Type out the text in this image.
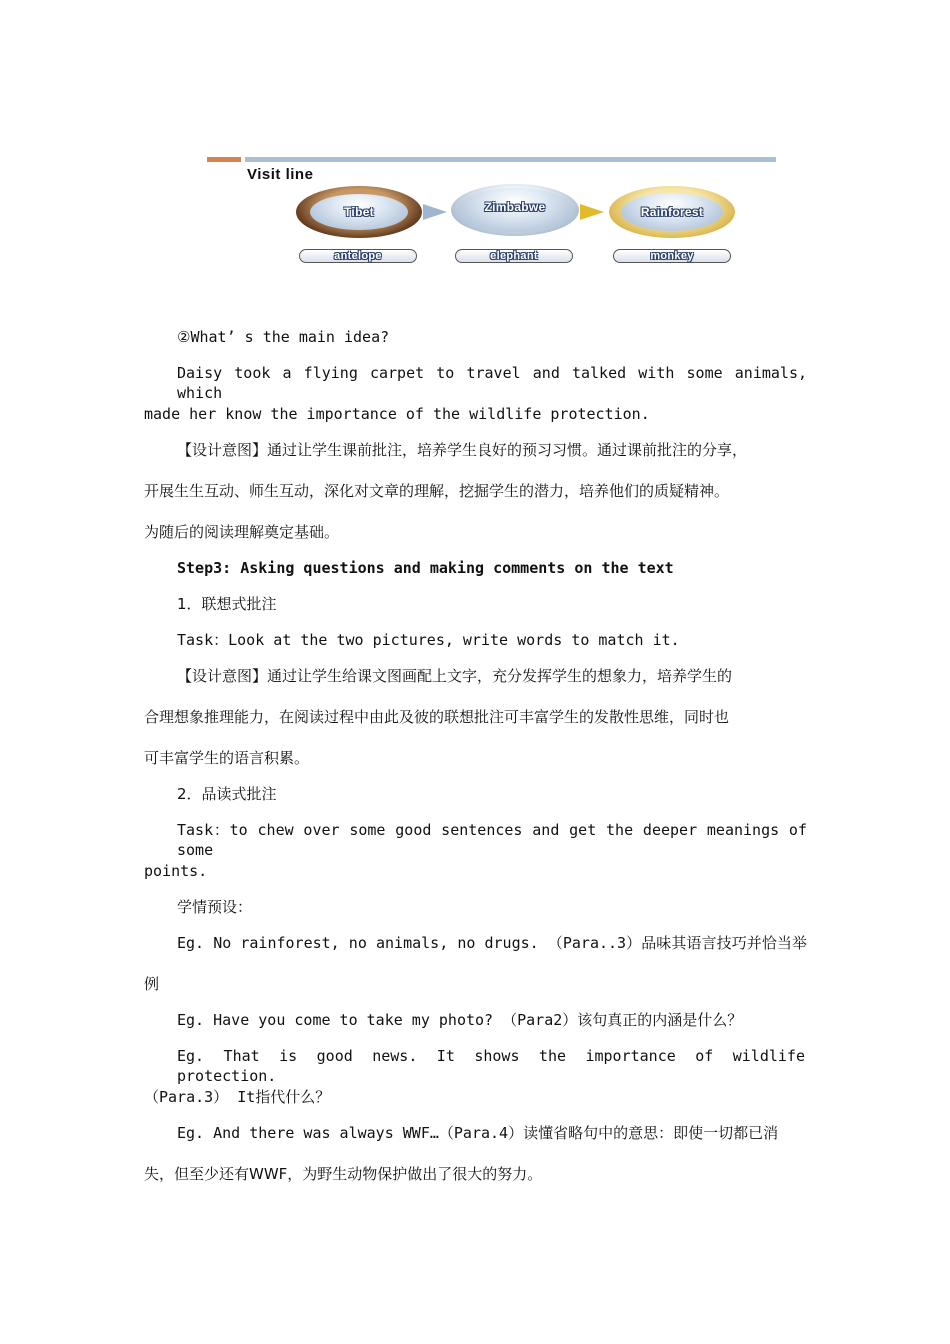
Visit line
Tibet	Zimbabwe	Rainforest
antelope	elephant	monkey
②What’ s the main idea?
Daisy took a flying carpet to travel and talked with some animals, which
made her know the importance of the wildlife protection.
【设计意图】通过让学生课前批注，培养学生良好的预习习惯。通过课前批注的分享，
开展生生互动、师生互动，深化对文章的理解，挖掘学生的潜力，培养他们的质疑精神。
为随后的阅读理解奠定基础。
Step3: Asking questions and making comments on the text
1．联想式批注
Task：Look at the two pictures, write words to match it.
【设计意图】通过让学生给课文图画配上文字，充分发挥学生的想象力，培养学生的
合理想象推理能力，在阅读过程中由此及彼的联想批注可丰富学生的发散性思维，同时也
可丰富学生的语言积累。
2．品读式批注
Task：to chew over some good sentences and get the deeper meanings of some
points.
学情预设：
Eg. No rainforest, no animals, no drugs. （Para..3）品味其语言技巧并恰当举
例
Eg. Have you come to take my photo? （Para2）该句真正的内涵是什么？
Eg. That is good news. It shows the importance of wildlife protection.
（Para.3） It指代什么？
Eg. And there was always WWF…（Para.4）读懂省略句中的意思：即使一切都已消
失，但至少还有WWF，为野生动物保护做出了很大的努力。
